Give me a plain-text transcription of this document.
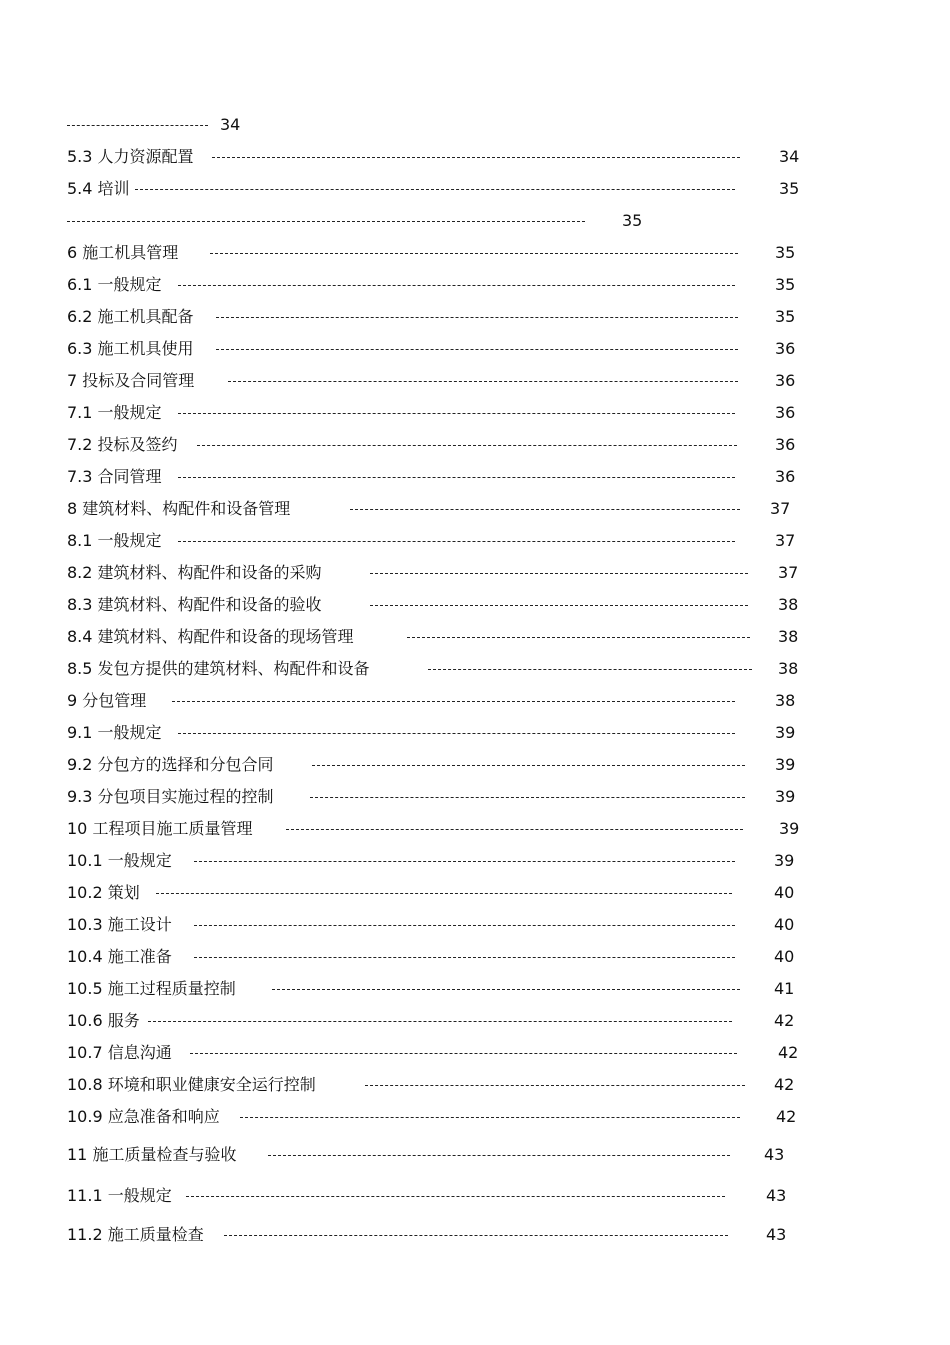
34
5.3 人力资源配置	34
5.4 培训	35
35
6 施工机具管理	35
6.1 一般规定	35
6.2 施工机具配备	35
6.3 施工机具使用	36
7 投标及合同管理	36
7.1 一般规定	36
7.2 投标及签约	36
7.3 合同管理	36
8 建筑材料、构配件和设备管理	37
8.1 一般规定	37
8.2 建筑材料、构配件和设备的采购	37
8.3 建筑材料、构配件和设备的验收	38
8.4 建筑材料、构配件和设备的现场管理	38
8.5 发包方提供的建筑材料、构配件和设备	38
9 分包管理	38
9.1 一般规定	39
9.2 分包方的选择和分包合同	39
9.3 分包项目实施过程的控制	39
10 工程项目施工质量管理	39
10.1 一般规定	39
10.2 策划	40
10.3 施工设计	40
10.4 施工准备	40
10.5 施工过程质量控制	41
10.6 服务	42
10.7 信息沟通	42
10.8 环境和职业健康安全运行控制	42
10.9 应急准备和响应	42
11 施工质量检查与验收	43
11.1 一般规定	43
11.2 施工质量检查	43
